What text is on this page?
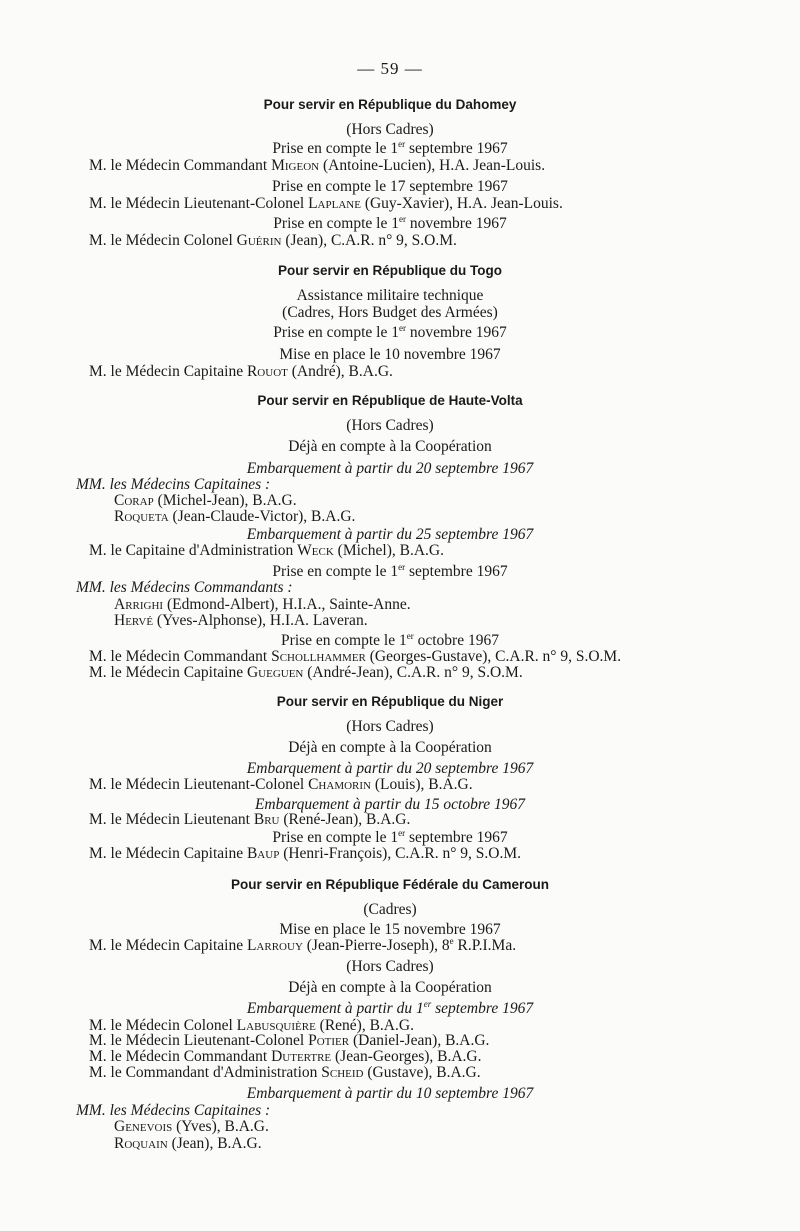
— 59 —
Pour servir en République du Dahomey
(Hors Cadres)
Prise en compte le 1er septembre 1967
M. le Médecin Commandant Migeon (Antoine-Lucien), H.A. Jean-Louis.
Prise en compte le 17 septembre 1967
M. le Médecin Lieutenant-Colonel Laplane (Guy-Xavier), H.A. Jean-Louis.
Prise en compte le 1er novembre 1967
M. le Médecin Colonel Guérin (Jean), C.A.R. n° 9, S.O.M.
Pour servir en République du Togo
Assistance militaire technique
(Cadres, Hors Budget des Armées)
Prise en compte le 1er novembre 1967
Mise en place le 10 novembre 1967
M. le Médecin Capitaine Rouot (André), B.A.G.
Pour servir en République de Haute-Volta
(Hors Cadres)
Déjà en compte à la Coopération
Embarquement à partir du 20 septembre 1967
MM. les Médecins Capitaines :
Corap (Michel-Jean), B.A.G.
Roqueta (Jean-Claude-Victor), B.A.G.
Embarquement à partir du 25 septembre 1967
M. le Capitaine d'Administration Weck (Michel), B.A.G.
Prise en compte le 1er septembre 1967
MM. les Médecins Commandants :
Arrighi (Edmond-Albert), H.I.A., Sainte-Anne.
Hervé (Yves-Alphonse), H.I.A. Laveran.
Prise en compte le 1er octobre 1967
M. le Médecin Commandant Schollhammer (Georges-Gustave), C.A.R. n° 9, S.O.M.
M. le Médecin Capitaine Gueguen (André-Jean), C.A.R. n° 9, S.O.M.
Pour servir en République du Niger
(Hors Cadres)
Déjà en compte à la Coopération
Embarquement à partir du 20 septembre 1967
M. le Médecin Lieutenant-Colonel Chamorin (Louis), B.A.G.
Embarquement à partir du 15 octobre 1967
M. le Médecin Lieutenant Bru (René-Jean), B.A.G.
Prise en compte le 1er septembre 1967
M. le Médecin Capitaine Baup (Henri-François), C.A.R. n° 9, S.O.M.
Pour servir en République Fédérale du Cameroun
(Cadres)
Mise en place le 15 novembre 1967
M. le Médecin Capitaine Larrouy (Jean-Pierre-Joseph), 8e R.P.I.Ma.
(Hors Cadres)
Déjà en compte à la Coopération
Embarquement à partir du 1er septembre 1967
M. le Médecin Colonel Labusquière (René), B.A.G.
M. le Médecin Lieutenant-Colonel Potier (Daniel-Jean), B.A.G.
M. le Médecin Commandant Dutertre (Jean-Georges), B.A.G.
M. le Commandant d'Administration Scheid (Gustave), B.A.G.
Embarquement à partir du 10 septembre 1967
MM. les Médecins Capitaines :
Genevois (Yves), B.A.G.
Roquain (Jean), B.A.G.
